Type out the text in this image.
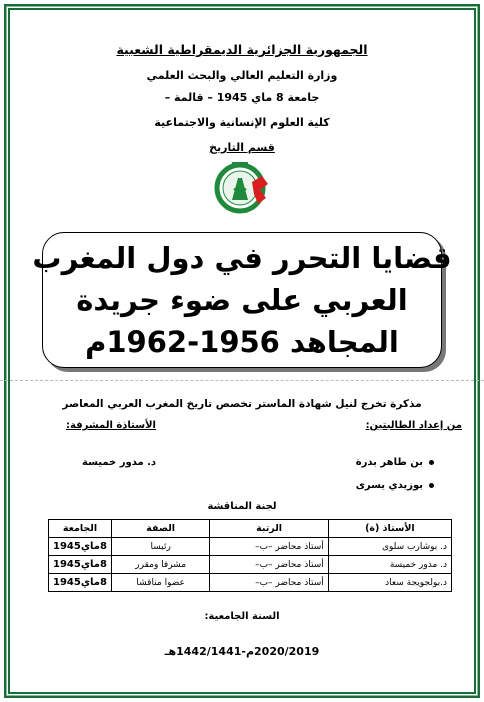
الجمهورية الجزائرية الديمقراطية الشعبية
وزارة التعليم العالي والبحث العلمي
جامعة 8 ماي 1945 – قالمة –
كلية العلوم الإنسانية والاجتماعية
قسم التاريخ
قضايا التحرر في دول المغرب
العربي على ضوء جريدة
المجاهد 1956-1962م
مذكرة تخرج لنيل شهادة الماستر تخصص تاريخ المغرب العربي المعاصر
من إعداد الطالبتين:
الأستاذة المشرفة:
بن طاهر بدرة
بوزيدي يسرى
د. مدور خميسة
لجنة المناقشة
الأستاذ (ة)	الرتبة	الصفة	الجامعة
د. بوشارب سلوى	أستاذ محاضر –ب–	رئيسا	8ماي1945
د. مدور خميسة	أستاذ محاضر –ب–	مشرفا ومقرر	8ماي1945
د.بولجويجة سعاد	أستاذ محاضر –ب–	عضوا مناقشا	8ماي1945
السنة الجامعية:
2020/2019م-1442/1441هـ
